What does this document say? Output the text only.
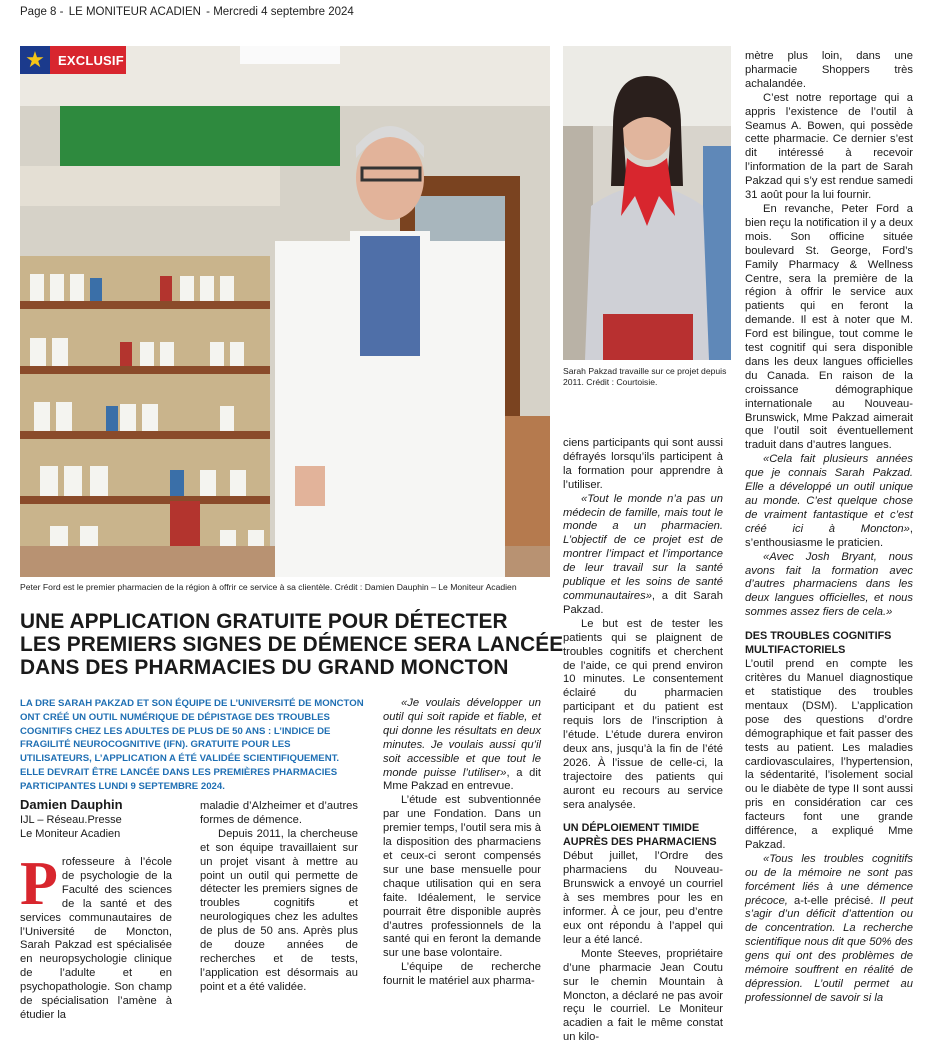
Page 8 - LE MONITEUR ACADIEN - Mercredi 4 septembre 2024
★ EXCLUSIF
Peter Ford est le premier pharmacien de la région à offrir ce service à sa clientèle. Crédit : Damien Dauphin – Le Moniteur Acadien
Sarah Pakzad travaille sur ce projet depuis 2011. Crédit : Courtoisie.
UNE APPLICATION GRATUITE POUR DÉTECTER
LES PREMIERS SIGNES DE DÉMENCE SERA LANCÉE
DANS DES PHARMACIES DU GRAND MONCTON
LA DRE SARAH PAKZAD ET SON ÉQUIPE DE L’UNIVERSITÉ DE MONCTON ONT CRÉÉ UN OUTIL NUMÉRIQUE DE DÉPISTAGE DES TROUBLES COGNITIFS CHEZ LES ADULTES DE PLUS DE 50 ANS : L’INDICE DE FRAGILITÉ NEUROCOGNITIVE (IFN). GRATUITE POUR LES UTILISATEURS, L’APPLICATION A ÉTÉ VALIDÉE SCIENTIFIQUEMENT. ELLE DEVRAIT ÊTRE LANCÉE DANS LES PREMIÈRES PHARMACIES PARTICIPANTES LUNDI 9 SEPTEMBRE 2024.
Damien Dauphin
IJL – Réseau.Presse
Le Moniteur Acadien

Professeure à l’école de psychologie de la Faculté des sciences de la santé et des services communautaires de l’Université de Moncton, Sarah Pakzad est spécialisée en neuropsychologie clinique de l’adulte et en psychopathologie. Son champ de spécialisation l’amène à étudier la

maladie d’Alzheimer et d’autres formes de démence.

Depuis 2011, la chercheuse et son équipe travaillaient sur un projet visant à mettre au point un outil qui permette de détecter les premiers signes de troubles cognitifs et neurologiques chez les adultes de plus de 50 ans. Après plus de douze années de recherches et de tests, l’application est désormais au point et a été validée.

«Je voulais développer un outil qui soit rapide et fiable, et qui donne les résultats en deux minutes. Je voulais aussi qu’il soit accessible et que tout le monde puisse l’utiliser», a dit Mme Pakzad en entrevue.

L’étude est subventionnée par une Fondation. Dans un premier temps, l’outil sera mis à la disposition des pharmaciens et ceux-ci seront compensés sur une base mensuelle pour chaque utilisation qui en sera faite. Idéalement, le service pourrait être disponible auprès d’autres professionnels de la santé qui en feront la demande sur une base volontaire.

L’équipe de recherche fournit le matériel aux pharma-

ciens participants qui sont aussi défrayés lorsqu’ils participent à la formation pour apprendre à l’utiliser.

«Tout le monde n’a pas un médecin de famille, mais tout le monde a un pharmacien. L’objectif de ce projet est de montrer l’impact et l’importance de leur travail sur la santé publique et les soins de santé communautaires», a dit Sarah Pakzad.

Le but est de tester les patients qui se plaignent de troubles cognitifs et cherchent de l’aide, ce qui prend environ 10 minutes. Le consentement éclairé du pharmacien participant et du patient est requis lors de l’inscription à l’étude. L’étude durera environ deux ans, jusqu’à la fin de l’été 2026. À l’issue de celle-ci, la trajectoire des patients qui auront eu recours au service sera analysée.

UN DÉPLOIEMENT TIMIDE AUPRÈS DES PHARMACIENS

Début juillet, l’Ordre des pharmaciens du Nouveau-Brunswick a envoyé un courriel à ses membres pour les en informer. À ce jour, peu d’entre eux ont répondu à l’appel qui leur a été lancé.

Monte Steeves, propriétaire d’une pharmacie Jean Coutu sur le chemin Mountain à Moncton, a déclaré ne pas avoir reçu le courriel. Le Moniteur acadien a fait le même constat un kilo-

mètre plus loin, dans une pharmacie Shoppers très achalandée.

C’est notre reportage qui a appris l’existence de l’outil à Seamus A. Bowen, qui possède cette pharmacie. Ce dernier s’est dit intéressé à recevoir l’information de la part de Sarah Pakzad qui s’y est rendue samedi 31 août pour la lui fournir.

En revanche, Peter Ford a bien reçu la notification il y a deux mois. Son officine située boulevard St. George, Ford’s Family Pharmacy & Wellness Centre, sera la première de la région à offrir le service aux patients qui en feront la demande. Il est à noter que M. Ford est bilingue, tout comme le test cognitif qui sera disponible dans les deux langues officielles du Canada. En raison de la croissance démographique internationale au Nouveau-Brunswick, Mme Pakzad aimerait que l’outil soit éventuellement traduit dans d’autres langues.

«Cela fait plusieurs années que je connais Sarah Pakzad. Elle a développé un outil unique au monde. C’est quelque chose de vraiment fantastique et c’est créé ici à Moncton», s’enthousiasme le praticien.

«Avec Josh Bryant, nous avons fait la formation avec d’autres pharmaciens dans les deux langues officielles, et nous sommes assez fiers de cela.»

DES TROUBLES COGNITIFS MULTIFACTORIELS

L’outil prend en compte les critères du Manuel diagnostique et statistique des troubles mentaux (DSM). L’application pose des questions d’ordre démographique et fait passer des tests au patient. Les maladies cardiovasculaires, l’hypertension, la sédentarité, l’isolement social ou le diabète de type II sont aussi pris en considération car ces facteurs font une grande différence, a expliqué Mme Pakzad.

«Tous les troubles cognitifs ou de la mémoire ne sont pas forcément liés à une démence précoce, a-t-elle précisé. Il peut s’agir d’un déficit d’attention ou de concentration. La recherche scientifique nous dit que 50% des gens qui ont des problèmes de mémoire souffrent en réalité de dépression. L’outil permet au professionnel de savoir si la
